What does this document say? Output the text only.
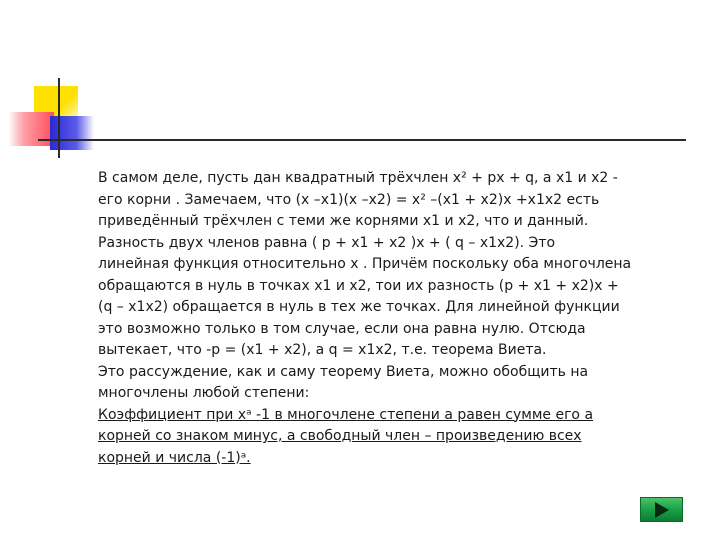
В самом деле, пусть дан квадратный трёхчлен x² + px + q, а x1 и x2 -
его корни . Замечаем, что (x –x1)(x –x2) = x² –(x1 + x2)x +x1x2 есть
приведённый трёхчлен с теми же корнями x1 и x2, что и данный.
Разность двух членов равна ( p + x1 + x2 )x + ( q – x1x2). Это
линейная функция относительно x . Причём поскольку оба многочлена
обращаются в нуль в точках x1 и x2, тои их разность (p + x1 + x2)x +
(q – x1x2) обращается в нуль в тех же точках. Для линейной функции
это возможно только в том случае, если она равна нулю. Отсюда
вытекает, что -p = (x1 + x2), а q = x1x2, т.е. теорема Виета.
Это рассуждение, как и саму теорему Виета, можно обобщить на
многочлены любой степени:
Коэффициент при xᵃ -1 в многочлене степени а равен сумме его а
корней со знаком минус, а свободный член – произведению всех
корней и числа (-1)ᵃ.
